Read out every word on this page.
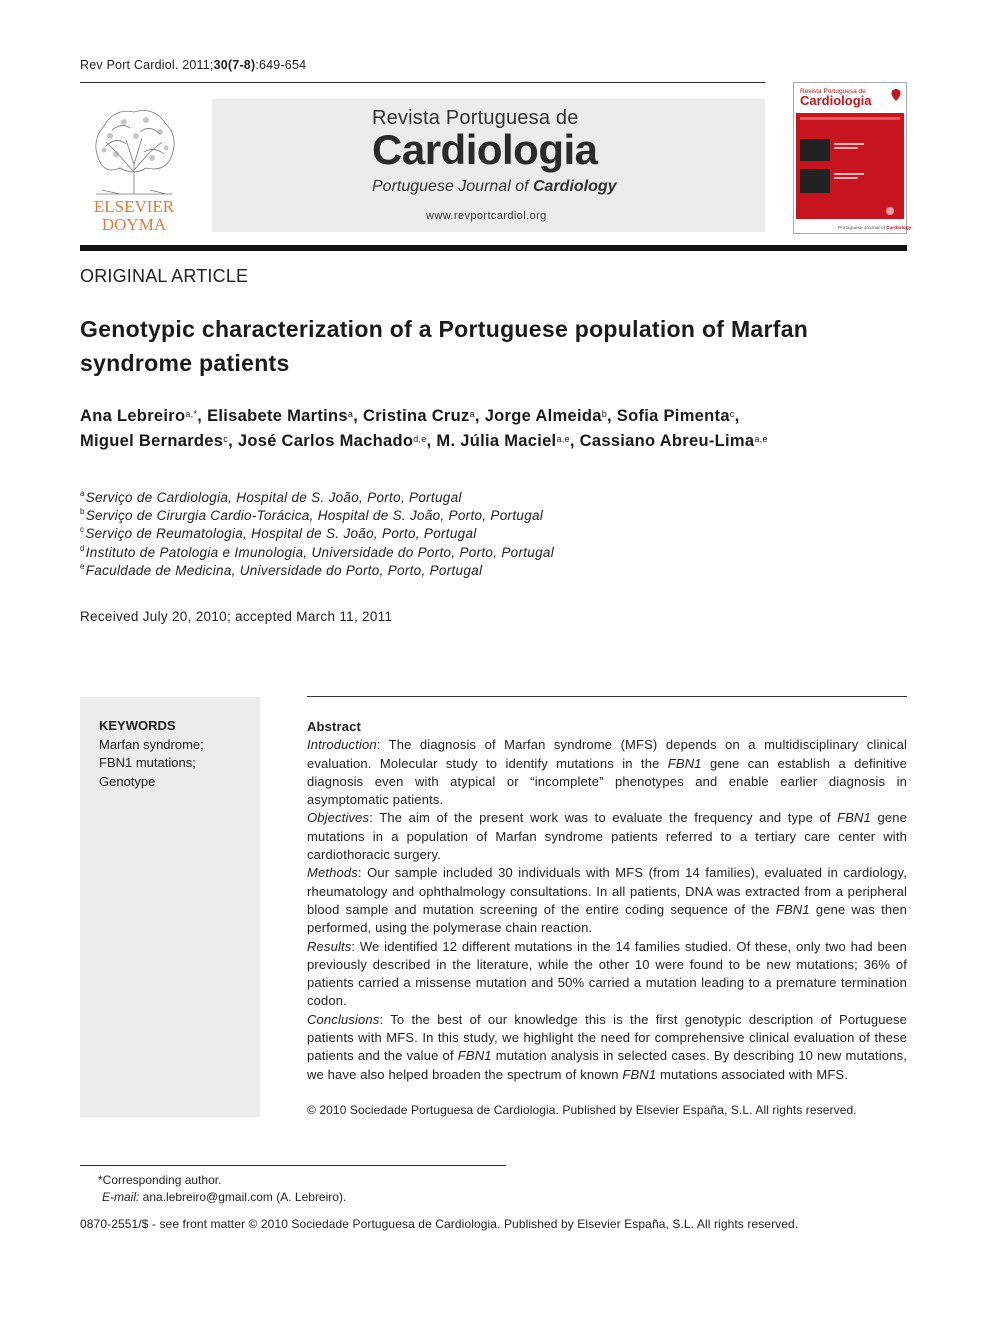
Rev Port Cardiol. 2011;30(7-8):649-654
ELSEVIER
DOYMA
Revista Portuguesa de
Cardiologia
Portuguese Journal of Cardiology
www.revportcardiol.org
Revista Portuguesa de
Cardiologia
Portuguese Journal of Cardiology
ORIGINAL ARTICLE
Genotypic characterization of a Portuguese population of Marfan syndrome patients
Ana Lebreiro$^{a,*}$, Elisabete Martins$^a$, Cristina Cruz$^a$, Jorge Almeida$^b$, Sofia Pimenta$^c$,
Miguel Bernardes$^c$, José Carlos Machado$^{d,e}$, M. Júlia Maciel$^{a,e}$, Cassiano Abreu-Lima$^{a,e}$
$^a$Serviço de Cardiologia, Hospital de S. João, Porto, Portugal
$^b$Serviço de Cirurgia Cardio-Torácica, Hospital de S. João, Porto, Portugal
$^c$Serviço de Reumatologia, Hospital de S. João, Porto, Portugal
$^d$Instituto de Patologia e Imunologia, Universidade do Porto, Porto, Portugal
$^e$Faculdade de Medicina, Universidade do Porto, Porto, Portugal
Received July 20, 2010; accepted March 11, 2011
KEYWORDS
Marfan syndrome;
FBN1 mutations;
Genotype
Abstract

Introduction: The diagnosis of Marfan syndrome (MFS) depends on a multidisciplinary clinical evaluation. Molecular study to identify mutations in the FBN1 gene can establish a definitive diagnosis even with atypical or “incomplete” phenotypes and enable earlier diagnosis in asymptomatic patients.

Objectives: The aim of the present work was to evaluate the frequency and type of FBN1 gene mutations in a population of Marfan syndrome patients referred to a tertiary care center with cardiothoracic surgery.

Methods: Our sample included 30 individuals with MFS (from 14 families), evaluated in cardiology, rheumatology and ophthalmology consultations. In all patients, DNA was extracted from a peripheral blood sample and mutation screening of the entire coding sequence of the FBN1 gene was then performed, using the polymerase chain reaction.

Results: We identified 12 different mutations in the 14 families studied. Of these, only two had been previously described in the literature, while the other 10 were found to be new mutations; 36% of patients carried a missense mutation and 50% carried a mutation leading to a premature termination codon.

Conclusions: To the best of our knowledge this is the first genotypic description of Portuguese patients with MFS. In this study, we highlight the need for comprehensive clinical evaluation of these patients and the value of FBN1 mutation analysis in selected cases. By describing 10 new mutations, we have also helped broaden the spectrum of known FBN1 mutations associated with MFS.

© 2010 Sociedade Portuguesa de Cardiologia. Published by Elsevier España, S.L. All rights reserved.
*Corresponding author.
E-mail: ana.lebreiro@gmail.com (A. Lebreiro).
0870-2551/$ - see front matter © 2010 Sociedade Portuguesa de Cardiologia. Published by Elsevier España, S.L. All rights reserved.
